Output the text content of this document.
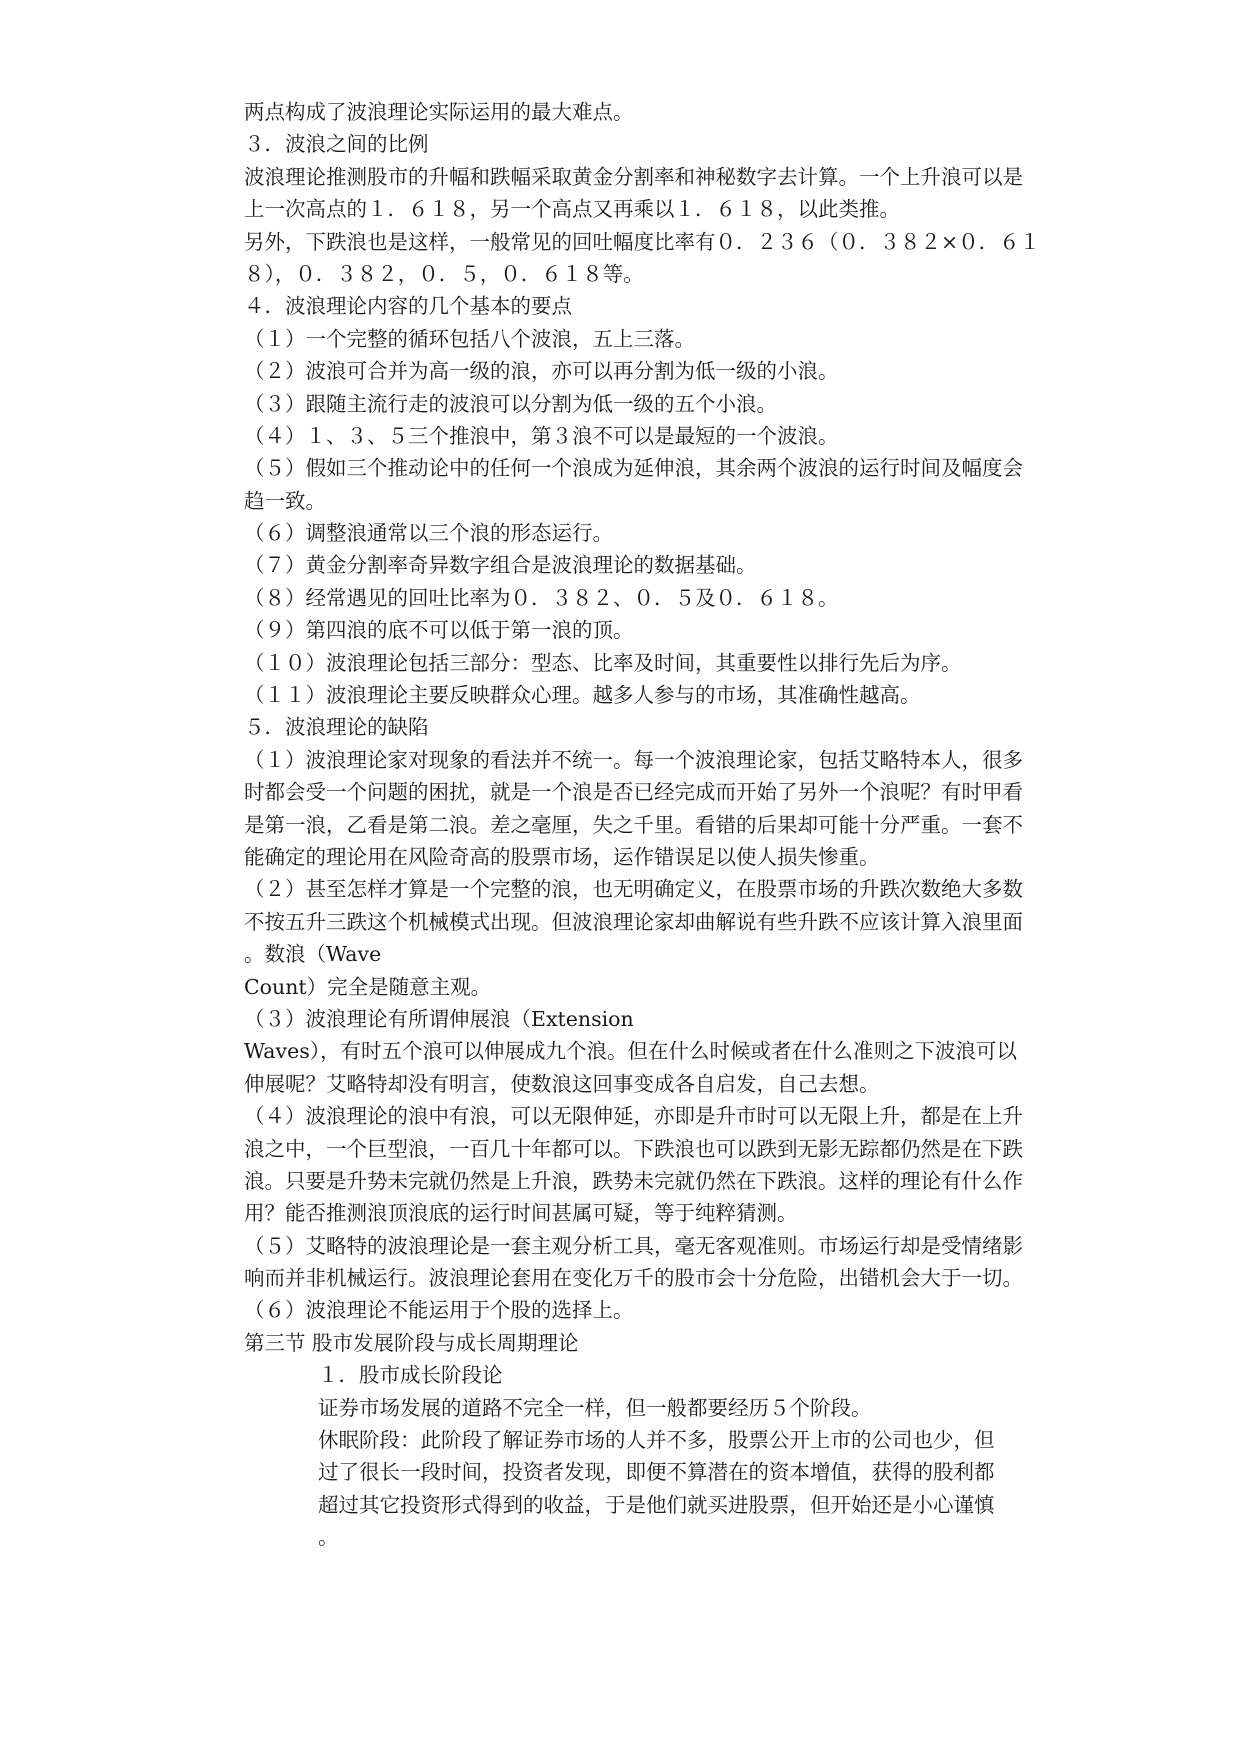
两点构成了波浪理论实际运用的最大难点。
３．波浪之间的比例
波浪理论推测股市的升幅和跌幅采取黄金分割率和神秘数字去计算。一个上升浪可以是
上一次高点的１．６１８，另一个高点又再乘以１．６１８，以此类推。
另外，下跌浪也是这样，一般常见的回吐幅度比率有０．２３６（０．３８２×０．６１
８），０．３８２，０．５，０．６１８等。
４．波浪理论内容的几个基本的要点
（１）一个完整的循环包括八个波浪，五上三落。
（２）波浪可合并为高一级的浪，亦可以再分割为低一级的小浪。
（３）跟随主流行走的波浪可以分割为低一级的五个小浪。
（４）１、３、５三个推浪中，第３浪不可以是最短的一个波浪。
（５）假如三个推动论中的任何一个浪成为延伸浪，其余两个波浪的运行时间及幅度会
趋一致。
（６）调整浪通常以三个浪的形态运行。
（７）黄金分割率奇异数字组合是波浪理论的数据基础。
（８）经常遇见的回吐比率为０．３８２、０．５及０．６１８。
（９）第四浪的底不可以低于第一浪的顶。
（１０）波浪理论包括三部分：型态、比率及时间，其重要性以排行先后为序。
（１１）波浪理论主要反映群众心理。越多人参与的市场，其准确性越高。
５．波浪理论的缺陷
（１）波浪理论家对现象的看法并不统一。每一个波浪理论家，包括艾略特本人，很多
时都会受一个问题的困扰，就是一个浪是否已经完成而开始了另外一个浪呢？有时甲看
是第一浪，乙看是第二浪。差之毫厘，失之千里。看错的后果却可能十分严重。一套不
能确定的理论用在风险奇高的股票市场，运作错误足以使人损失惨重。
（２）甚至怎样才算是一个完整的浪，也无明确定义，在股票市场的升跌次数绝大多数
不按五升三跌这个机械模式出现。但波浪理论家却曲解说有些升跌不应该计算入浪里面
。数浪（Wave
Count）完全是随意主观。
（３）波浪理论有所谓伸展浪（Extension
Waves），有时五个浪可以伸展成九个浪。但在什么时候或者在什么准则之下波浪可以
伸展呢？艾略特却没有明言，使数浪这回事变成各自启发，自己去想。
（４）波浪理论的浪中有浪，可以无限伸延，亦即是升市时可以无限上升，都是在上升
浪之中，一个巨型浪，一百几十年都可以。下跌浪也可以跌到无影无踪都仍然是在下跌
浪。只要是升势未完就仍然是上升浪，跌势未完就仍然在下跌浪。这样的理论有什么作
用？能否推测浪顶浪底的运行时间甚属可疑，等于纯粹猜测。
（５）艾略特的波浪理论是一套主观分析工具，毫无客观准则。市场运行却是受情绪影
响而并非机械运行。波浪理论套用在变化万千的股市会十分危险，出错机会大于一切。
（６）波浪理论不能运用于个股的选择上。
第三节 股市发展阶段与成长周期理论
１．股市成长阶段论
证券市场发展的道路不完全一样，但一般都要经历５个阶段。
休眠阶段：此阶段了解证券市场的人并不多，股票公开上市的公司也少，但
过了很长一段时间，投资者发现，即便不算潜在的资本增值，获得的股利都
超过其它投资形式得到的收益，于是他们就买进股票，但开始还是小心谨慎
。
